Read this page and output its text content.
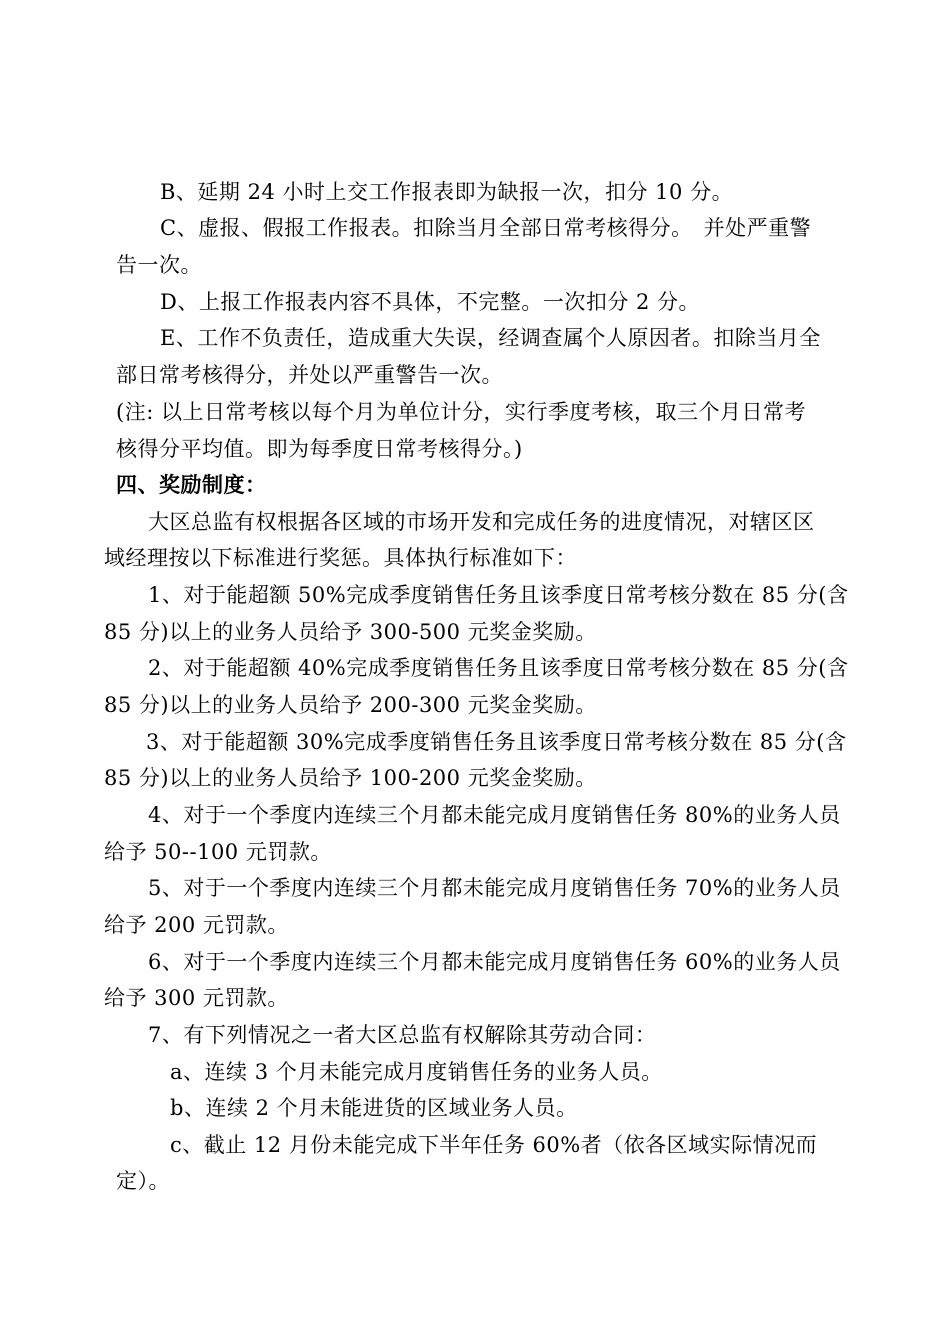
B、延期 24 小时上交工作报表即为缺报一次，扣分 10 分。
C、虚报、假报工作报表。扣除当月全部日常考核得分。　并处严重警
告一次。
D、上报工作报表内容不具体，不完整。一次扣分 2 分。
E、工作不负责任，造成重大失误，经调查属个人原因者。扣除当月全
部日常考核得分，并处以严重警告一次。
(注: 以上日常考核以每个月为单位计分，实行季度考核，取三个月日常考
核得分平均值。即为每季度日常考核得分。)
四、奖励制度：
大区总监有权根据各区域的市场开发和完成任务的进度情况，对辖区区
域经理按以下标准进行奖惩。具体执行标准如下：
1、对于能超额 50%完成季度销售任务且该季度日常考核分数在 85 分(含
85 分)以上的业务人员给予 300-500 元奖金奖励。
2、对于能超额 40%完成季度销售任务且该季度日常考核分数在 85 分(含
85 分)以上的业务人员给予 200-300 元奖金奖励。
3、对于能超额 30%完成季度销售任务且该季度日常考核分数在 85 分(含
85 分)以上的业务人员给予 100-200 元奖金奖励。
4、对于一个季度内连续三个月都未能完成月度销售任务 80%的业务人员
给予 50--100 元罚款。
5、对于一个季度内连续三个月都未能完成月度销售任务 70%的业务人员
给予 200 元罚款。
6、对于一个季度内连续三个月都未能完成月度销售任务 60%的业务人员
给予 300 元罚款。
7、有下列情况之一者大区总监有权解除其劳动合同：
a、连续 3 个月未能完成月度销售任务的业务人员。
b、连续 2 个月未能进货的区域业务人员。
c、截止 12 月份未能完成下半年任务 60%者（依各区域实际情况而
定）。
